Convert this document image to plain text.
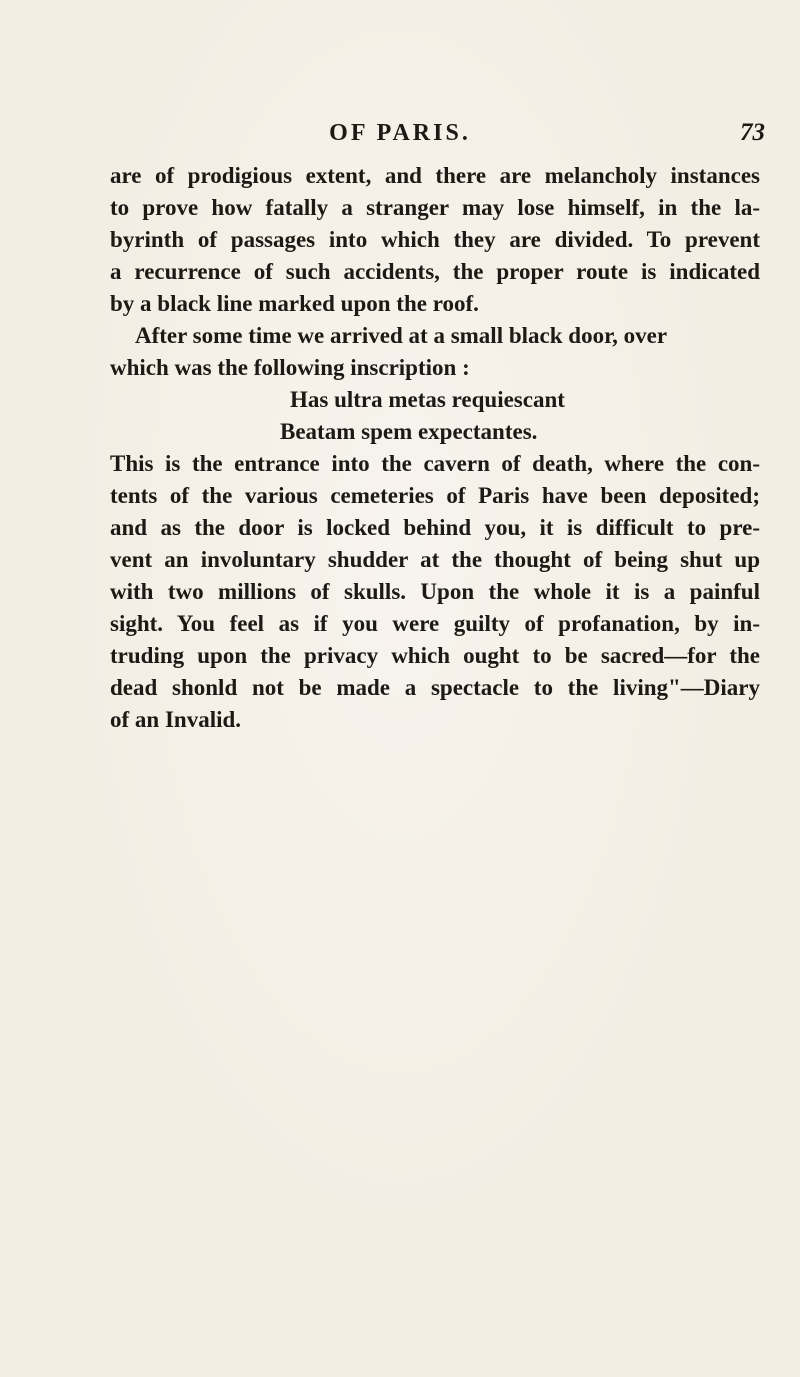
OF PARIS.	73
are of prodigious extent, and there are melancholy instances
to prove how fatally a stranger may lose himself, in the la-
byrinth of passages into which they are divided. To prevent
a recurrence of such accidents, the proper route is indicated
by a black line marked upon the roof.
After some time we arrived at a small black door, over
which was the following inscription :
Has ultra metas requiescant
Beatam spem expectantes.
This is the entrance into the cavern of death, where the con-
tents of the various cemeteries of Paris have been deposited;
and as the door is locked behind you, it is difficult to pre-
vent an involuntary shudder at the thought of being shut up
with two millions of skulls. Upon the whole it is a painful
sight. You feel as if you were guilty of profanation, by in-
truding upon the privacy which ought to be sacred—for the
dead shonld not be made a spectacle to the living"—Diary
of an Invalid.
